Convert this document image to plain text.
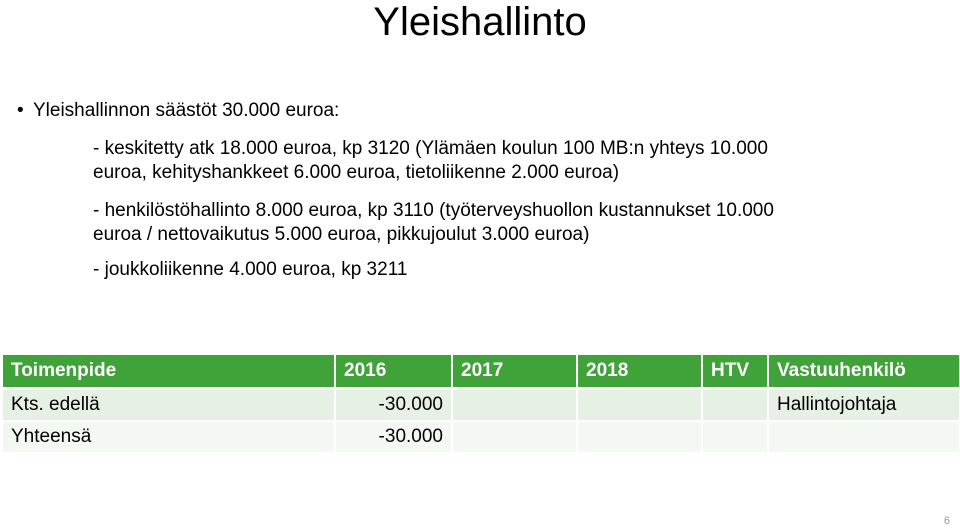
Yleishallinto
• Yleishallinnon säästöt 30.000 euroa:
- keskitetty atk 18.000 euroa, kp 3120 (Ylämäen koulun 100 MB:n yhteys 10.000
euroa, kehityshankkeet 6.000 euroa, tietoliikenne 2.000 euroa)
- henkilöstöhallinto 8.000 euroa, kp 3110 (työterveyshuollon kustannukset 10.000
euroa / nettovaikutus 5.000 euroa, pikkujoulut 3.000 euroa)
- joukkoliikenne 4.000 euroa, kp 3211
Toimenpide	2016	2017	2018	HTV	Vastuuhenkilö
Kts. edellä	-30.000				Hallintojohtaja
Yhteensä	-30.000				
6
